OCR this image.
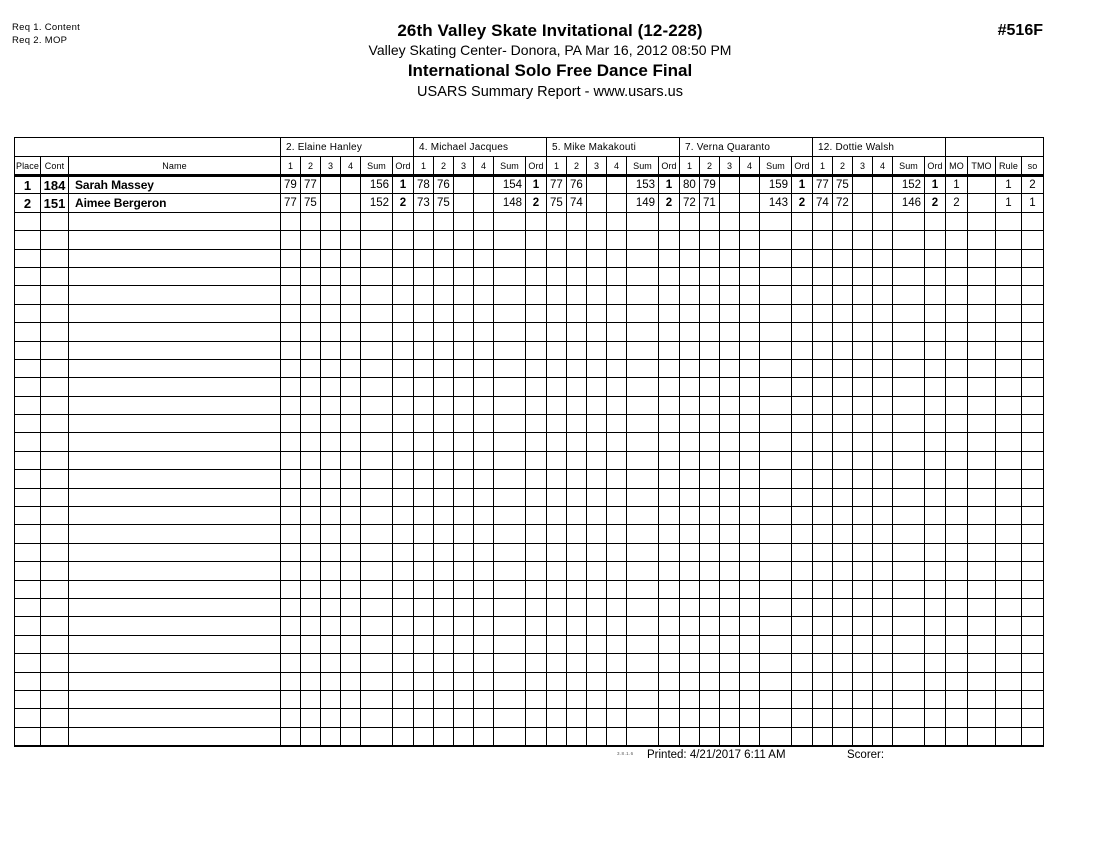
Req 1. Content
Req 2. MOP	26th Valley Skate Invitational (12-228)
Valley Skating Center- Donora, PA Mar 16, 2012 08:50 PM
International Solo Free Dance Final
USARS Summary Report - www.usars.us
#516F
			2. Elaine Hanley						4. Michael Jacques						5. Mike Makakouti						7. Verna Quaranto						12. Dottie Walsh									
Place	Cont	Name	1	2	3	4	Sum	Ord	1	2	3	4	Sum	Ord	1	2	3	4	Sum	Ord	1	2	3	4	Sum	Ord	1	2	3	4	Sum	Ord	MO	TMO	Rule	so
1	184	Sarah Massey	79	77			156	1	78	76			154	1	77	76			153	1	80	79			159	1	77	75			152	1	1		1	2
2	151	Aimee Bergeron	77	75			152	2	73	75			148	2	75	74			149	2	72	71			143	2	74	72			146	2	2		1	1

3.8.1.6 Printed: 4/21/2017 6:11 AM	Scorer:
